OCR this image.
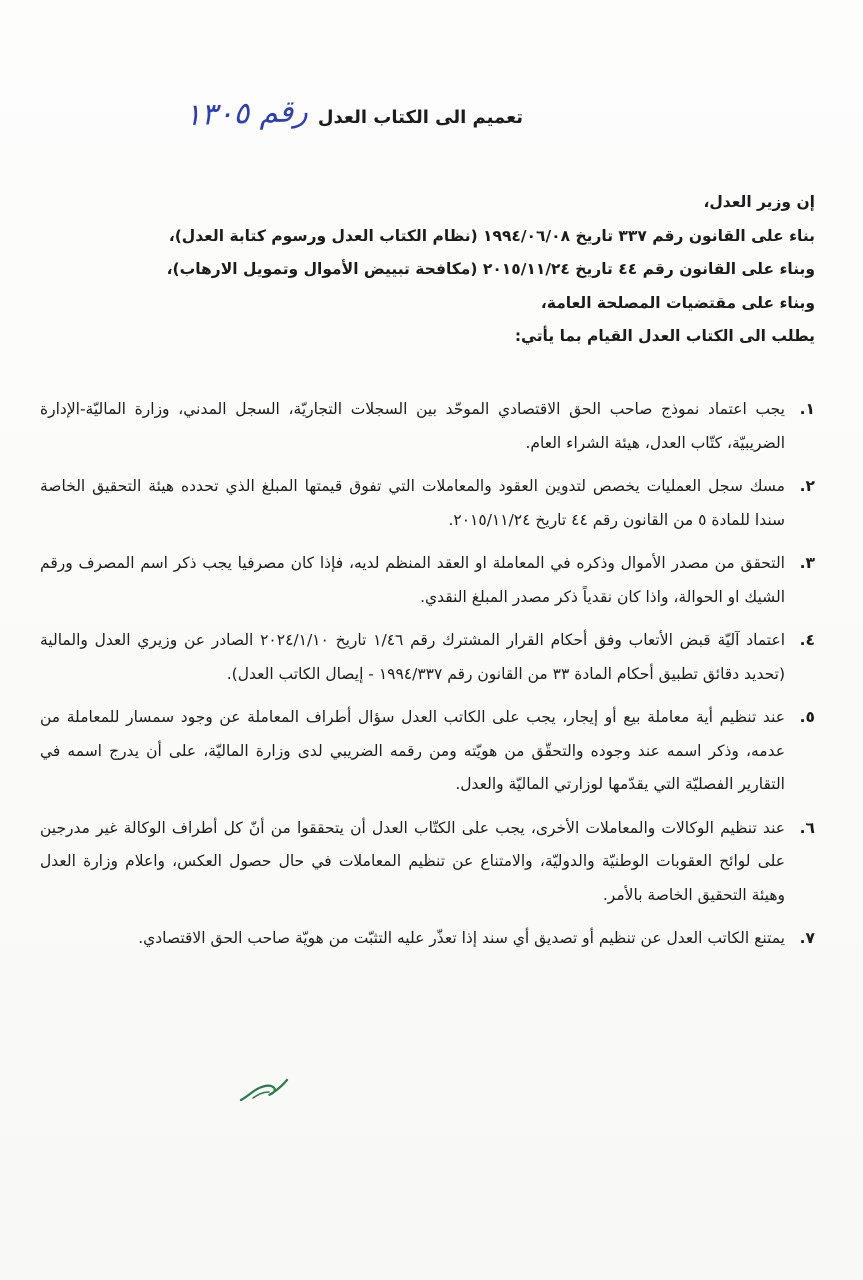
تعميم الى الكتاب العدل
رقم ١٣٠٥
إن وزير العدل،
بناء على القانون رقم ٣٣٧ تاريخ ١٩٩٤/٠٦/٠٨ (نظام الكتاب العدل ورسوم كتابة العدل)،
وبناء على القانون رقم ٤٤ تاريخ ٢٠١٥/١١/٢٤ (مكافحة تبييض الأموال وتمويل الارهاب)،
وبناء على مقتضيات المصلحة العامة،
يطلب الى الكتاب العدل القيام بما يأتي:
١.
يجب اعتماد نموذج صاحب الحق الاقتصادي الموحّد بين السجلات التجاريّة، السجل المدني، وزارة الماليّة-الإدارة الضريبيّة، كتّاب العدل، هيئة الشراء العام.
٢.
مسك سجل العمليات يخصص لتدوين العقود والمعاملات التي تفوق قيمتها المبلغ الذي تحدده هيئة التحقيق الخاصة سندا للمادة ٥ من القانون رقم ٤٤ تاريخ ٢٠١٥/١١/٢٤.
٣.
التحقق من مصدر الأموال وذكره في المعاملة او العقد المنظم لديه، فإذا كان مصرفيا يجب ذكر اسم المصرف ورقم الشيك او الحوالة، واذا كان نقدياً ذكر مصدر المبلغ النقدي.
٤.
اعتماد آليّة قبض الأتعاب وفق أحكام القرار المشترك رقم ١/٤٦ تاريخ ٢٠٢٤/١/١٠ الصادر عن وزيري العدل والمالية (تحديد دقائق تطبيق أحكام المادة ٣٣ من القانون رقم ١٩٩٤/٣٣٧ - إيصال الكاتب العدل).
٥.
عند تنظيم أية معاملة بيع أو إيجار، يجب على الكاتب العدل سؤال أطراف المعاملة عن وجود سمسار للمعاملة من عدمه، وذكر اسمه عند وجوده والتحقّق من هويّته ومن رقمه الضريبي لدى وزارة الماليّة، على أن يدرج اسمه في التقارير الفصليّة التي يقدّمها لوزارتي الماليّة والعدل.
٦.
عند تنظيم الوكالات والمعاملات الأخرى، يجب على الكتّاب العدل أن يتحققوا من أنّ كل أطراف الوكالة غير مدرجين على لوائح العقوبات الوطنيّة والدوليّة، والامتناع عن تنظيم المعاملات في حال حصول العكس، واعلام وزارة العدل وهيئة التحقيق الخاصة بالأمر.
٧.
يمتنع الكاتب العدل عن تنظيم أو تصديق أي سند إذا تعذّر عليه التثبّت من هويّة صاحب الحق الاقتصادي.
